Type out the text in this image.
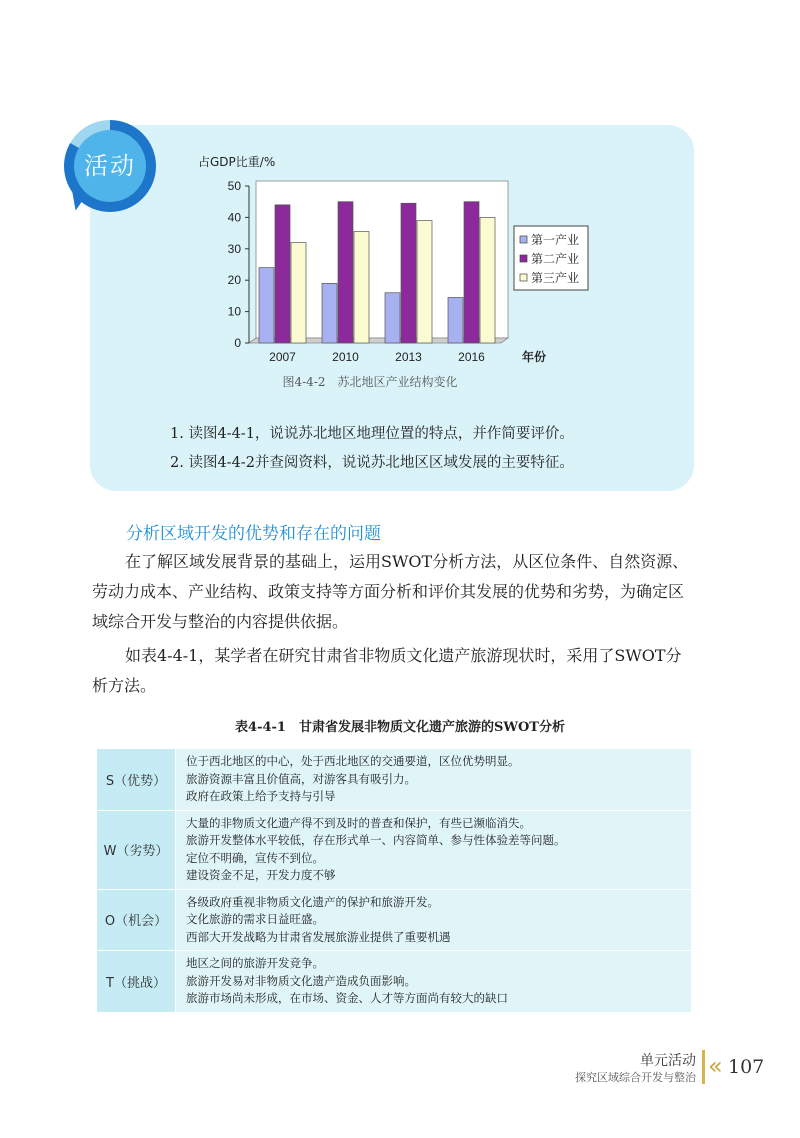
活动
0
10
20
30
40
50
占GDP比重/%
2007	2010	2013	2016	年份
第一产业
第二产业
第三产业
图4-4-2　苏北地区产业结构变化
1. 读图4-4-1，说说苏北地区地理位置的特点，并作简要评价。
2. 读图4-4-2并查阅资料，说说苏北地区区域发展的主要特征。
分析区域开发的优势和存在的问题

在了解区域发展背景的基础上，运用SWOT分析方法，从区位条件、自然资源、劳动力成本、产业结构、政策支持等方面分析和评价其发展的优势和劣势，为确定区域综合开发与整治的内容提供依据。

如表4-4-1，某学者在研究甘肃省非物质文化遗产旅游现状时，采用了SWOT分析方法。

表4-4-1　甘肃省发展非物质文化遗产旅游的SWOT分析
S（优势）	位于西北地区的中心，处于西北地区的交通要道，区位优势明显。
旅游资源丰富且价值高，对游客具有吸引力。
政府在政策上给予支持与引导

W（劣势）	大量的非物质文化遗产得不到及时的普查和保护，有些已濒临消失。
旅游开发整体水平较低，存在形式单一、内容简单、参与性体验差等问题。
定位不明确，宣传不到位。
建设资金不足，开发力度不够

O（机会）	各级政府重视非物质文化遗产的保护和旅游开发。
文化旅游的需求日益旺盛。
西部大开发战略为甘肃省发展旅游业提供了重要机遇

T（挑战）	地区之间的旅游开发竞争。
旅游开发易对非物质文化遗产造成负面影响。
旅游市场尚未形成，在市场、资金、人才等方面尚有较大的缺口
单元活动
探究区域综合开发与整治 « 107
